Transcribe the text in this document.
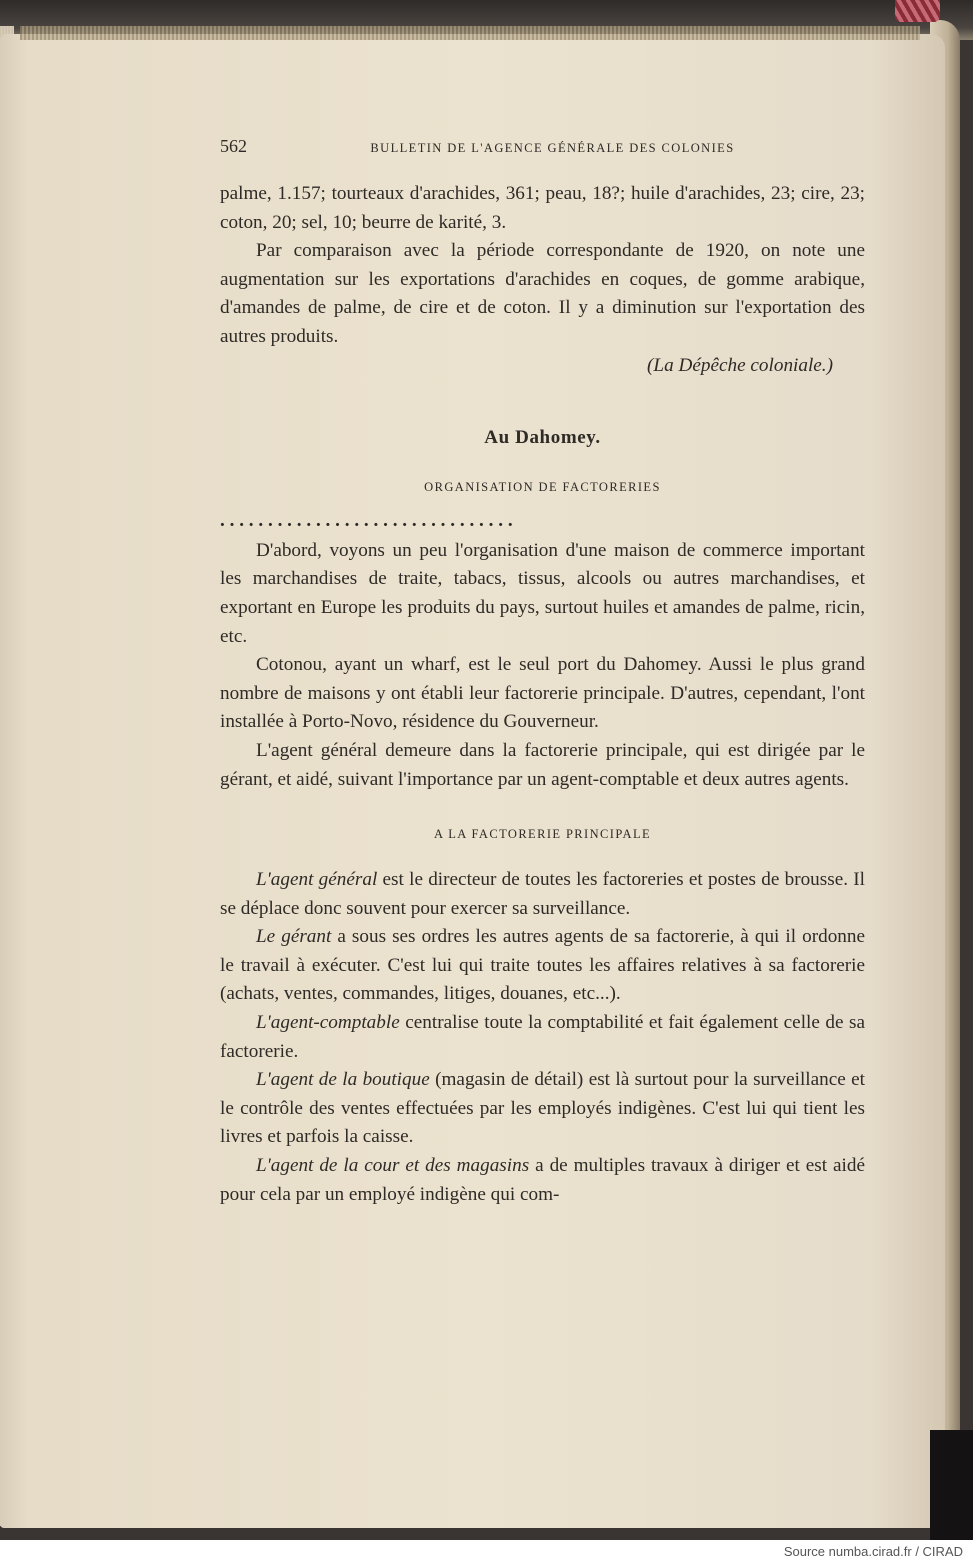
562	BULLETIN DE L'AGENCE GÉNÉRALE DES COLONIES

palme, 1.157; tourteaux d'arachides, 361; peau, 18?; huile d'arachides, 23; cire, 23; coton, 20; sel, 10; beurre de karité, 3.

Par comparaison avec la période correspondante de 1920, on note une augmentation sur les exportations d'arachides en coques, de gomme arabique, d'amandes de palme, de cire et de coton. Il y a diminution sur l'exportation des autres produits.

(La Dépêche coloniale.)
Au Dahomey.
ORGANISATION DE FACTORERIES
. . . . . . . . . . . . . . . . . . . . . . . . . . . . . . .

D'abord, voyons un peu l'organisation d'une maison de commerce important les marchandises de traite, tabacs, tissus, alcools ou autres marchandises, et exportant en Europe les produits du pays, surtout huiles et amandes de palme, ricin, etc.

Cotonou, ayant un wharf, est le seul port du Dahomey. Aussi le plus grand nombre de maisons y ont établi leur factorerie principale. D'autres, cependant, l'ont installée à Porto-Novo, résidence du Gouverneur.

L'agent général demeure dans la factorerie principale, qui est dirigée par le gérant, et aidé, suivant l'importance par un agent-comptable et deux autres agents.

A LA FACTORERIE PRINCIPALE

L'agent général est le directeur de toutes les factoreries et postes de brousse. Il se déplace donc souvent pour exercer sa surveillance.

Le gérant a sous ses ordres les autres agents de sa factorerie, à qui il ordonne le travail à exécuter. C'est lui qui traite toutes les affaires relatives à sa factorerie (achats, ventes, commandes, litiges, douanes, etc...).

L'agent-comptable centralise toute la comptabilité et fait également celle de sa factorerie.

L'agent de la boutique (magasin de détail) est là surtout pour la surveillance et le contrôle des ventes effectuées par les employés indigènes. C'est lui qui tient les livres et parfois la caisse.

L'agent de la cour et des magasins a de multiples travaux à diriger et est aidé pour cela par un employé indigène qui com-

Source numba.cirad.fr / CIRAD
